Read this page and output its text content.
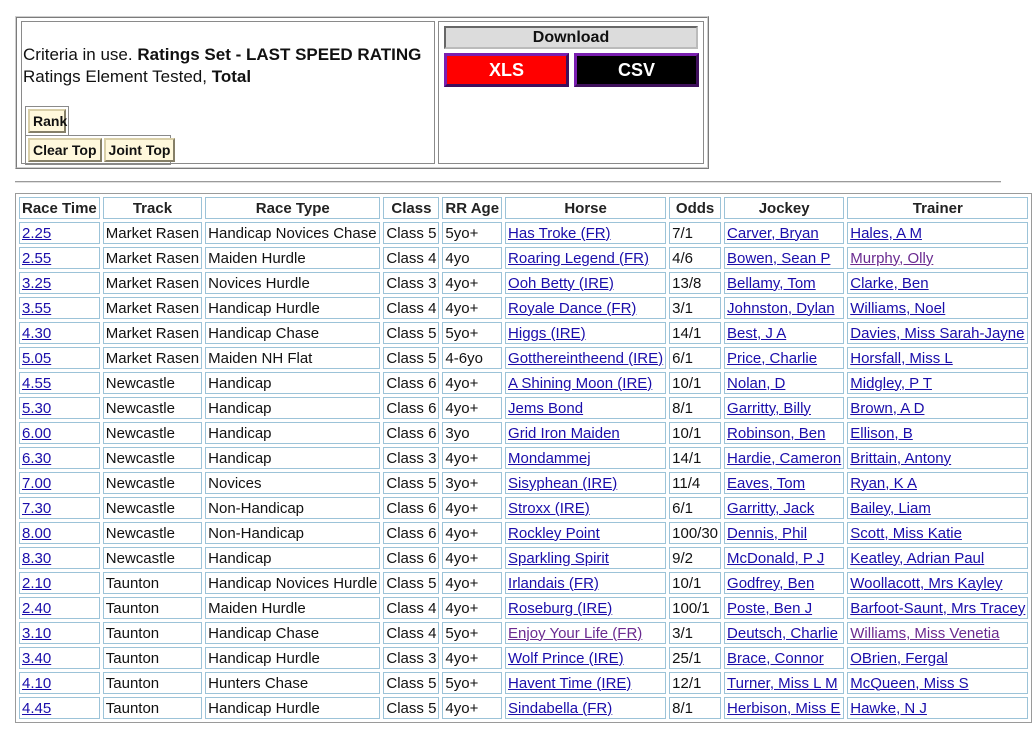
Criteria in use. Ratings Set - LAST SPEED RATING
Ratings Element Tested, Total
Rank
Clear Top Joint Top
Download
XLS	CSV
Race Time	Track	Race Type	Class	RR Age	Horse	Odds	Jockey	Trainer
2.25	Market Rasen	Handicap Novices Chase	Class 5	5yo+	Has Troke (FR)	7/1	Carver, Bryan	Hales, A M
2.55	Market Rasen	Maiden Hurdle	Class 4	4yo	Roaring Legend (FR)	4/6	Bowen, Sean P	Murphy, Olly
3.25	Market Rasen	Novices Hurdle	Class 3	4yo+	Ooh Betty (IRE)	13/8	Bellamy, Tom	Clarke, Ben
3.55	Market Rasen	Handicap Hurdle	Class 4	4yo+	Royale Dance (FR)	3/1	Johnston, Dylan	Williams, Noel
4.30	Market Rasen	Handicap Chase	Class 5	5yo+	Higgs (IRE)	14/1	Best, J A	Davies, Miss Sarah-Jayne
5.05	Market Rasen	Maiden NH Flat	Class 5	4-6yo	Gotthereintheend (IRE)	6/1	Price, Charlie	Horsfall, Miss L
4.55	Newcastle	Handicap	Class 6	4yo+	A Shining Moon (IRE)	10/1	Nolan, D	Midgley, P T
5.30	Newcastle	Handicap	Class 6	4yo+	Jems Bond	8/1	Garritty, Billy	Brown, A D
6.00	Newcastle	Handicap	Class 6	3yo	Grid Iron Maiden	10/1	Robinson, Ben	Ellison, B
6.30	Newcastle	Handicap	Class 3	4yo+	Mondammej	14/1	Hardie, Cameron	Brittain, Antony
7.00	Newcastle	Novices	Class 5	3yo+	Sisyphean (IRE)	11/4	Eaves, Tom	Ryan, K A
7.30	Newcastle	Non-Handicap	Class 6	4yo+	Stroxx (IRE)	6/1	Garritty, Jack	Bailey, Liam
8.00	Newcastle	Non-Handicap	Class 6	4yo+	Rockley Point	100/30	Dennis, Phil	Scott, Miss Katie
8.30	Newcastle	Handicap	Class 6	4yo+	Sparkling Spirit	9/2	McDonald, P J	Keatley, Adrian Paul
2.10	Taunton	Handicap Novices Hurdle	Class 5	4yo+	Irlandais (FR)	10/1	Godfrey, Ben	Woollacott, Mrs Kayley
2.40	Taunton	Maiden Hurdle	Class 4	4yo+	Roseburg (IRE)	100/1	Poste, Ben J	Barfoot-Saunt, Mrs Tracey
3.10	Taunton	Handicap Chase	Class 4	5yo+	Enjoy Your Life (FR)	3/1	Deutsch, Charlie	Williams, Miss Venetia
3.40	Taunton	Handicap Hurdle	Class 3	4yo+	Wolf Prince (IRE)	25/1	Brace, Connor	OBrien, Fergal
4.10	Taunton	Hunters Chase	Class 5	5yo+	Havent Time (IRE)	12/1	Turner, Miss L M	McQueen, Miss S
4.45	Taunton	Handicap Hurdle	Class 5	4yo+	Sindabella (FR)	8/1	Herbison, Miss E	Hawke, N J
